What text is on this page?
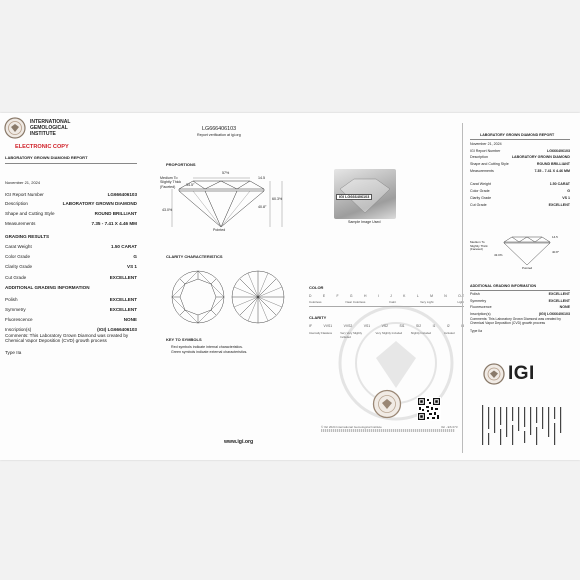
INTERNATIONAL
GEMOLOGICAL
INSTITUTE
ELECTRONIC COPY
LABORATORY GROWN DIAMOND REPORT
November 21, 2024
IGI Report Number	LG666406103
Description	LABORATORY GROWN DIAMOND
Shape and Cutting Style	ROUND BRILLIANT
Measurements	7.35 - 7.41 X 4.46 MM
GRADING RESULTS
Carat Weight	1.50 CARAT
Color Grade	G
Clarity Grade	VS 1
Cut Grade	EXCELLENT
ADDITIONAL GRADING INFORMATION
Polish	EXCELLENT
Symmetry	EXCELLENT
Fluorescence	NONE
Inscription(s)	(IGI) LG666406103
Comments: This Laboratory Grown Diamond was created by Chemical Vapor Deposition (CVD) growth process
Type IIa
LG666406103
Report verification at igi.org
PROPORTIONS
Medium To Slightly Thick (Faceted)
57%
34.5°
14.5
60.3%
40.8°
43.0%
Pointed
CLARITY CHARACTERISTICS
KEY TO SYMBOLS
Red symbols indicate internal characteristics.
Green symbols indicate external characteristics.
www.igi.org
IGI LG666406103
Sample Image Used
COLOR
D	E	F	G	H	I	J	K	L	M	N	O-Z
Colorless	Near Colorless	Faint	Very Light	Light
CLARITY
IF	VVS1	VVS2	VS1	VS2	SI1	SI2	I1	I2	I3
Internally Flawless	Very Very Slightly Included
Very Slightly Included	Slightly Included	Included
© IGI 2024 International Gemological Institute	IGI - ES 073
LABORATORY GROWN DIAMOND REPORT
November 21, 2024
IGI Report Number	LG666406103
Description	LABORATORY GROWN DIAMOND
Shape and Cutting Style	ROUND BRILLIANT
Measurements	7.35 - 7.41 X 4.46 MM
Carat Weight	1.50 CARAT
Color Grade	G
Clarity Grade	VS 1
Cut Grade	EXCELLENT
Medium To Slightly Thick (Faceted)
43.0%
14.5
40.8°
Pointed
ADDITIONAL GRADING INFORMATION
Polish	EXCELLENT
Symmetry	EXCELLENT
Fluorescence	NONE
Inscription(s)	(IGI) LG666406103
Comments: This Laboratory Grown Diamond was created by Chemical Vapor Deposition (CVD) growth process
Type IIa
IGI
